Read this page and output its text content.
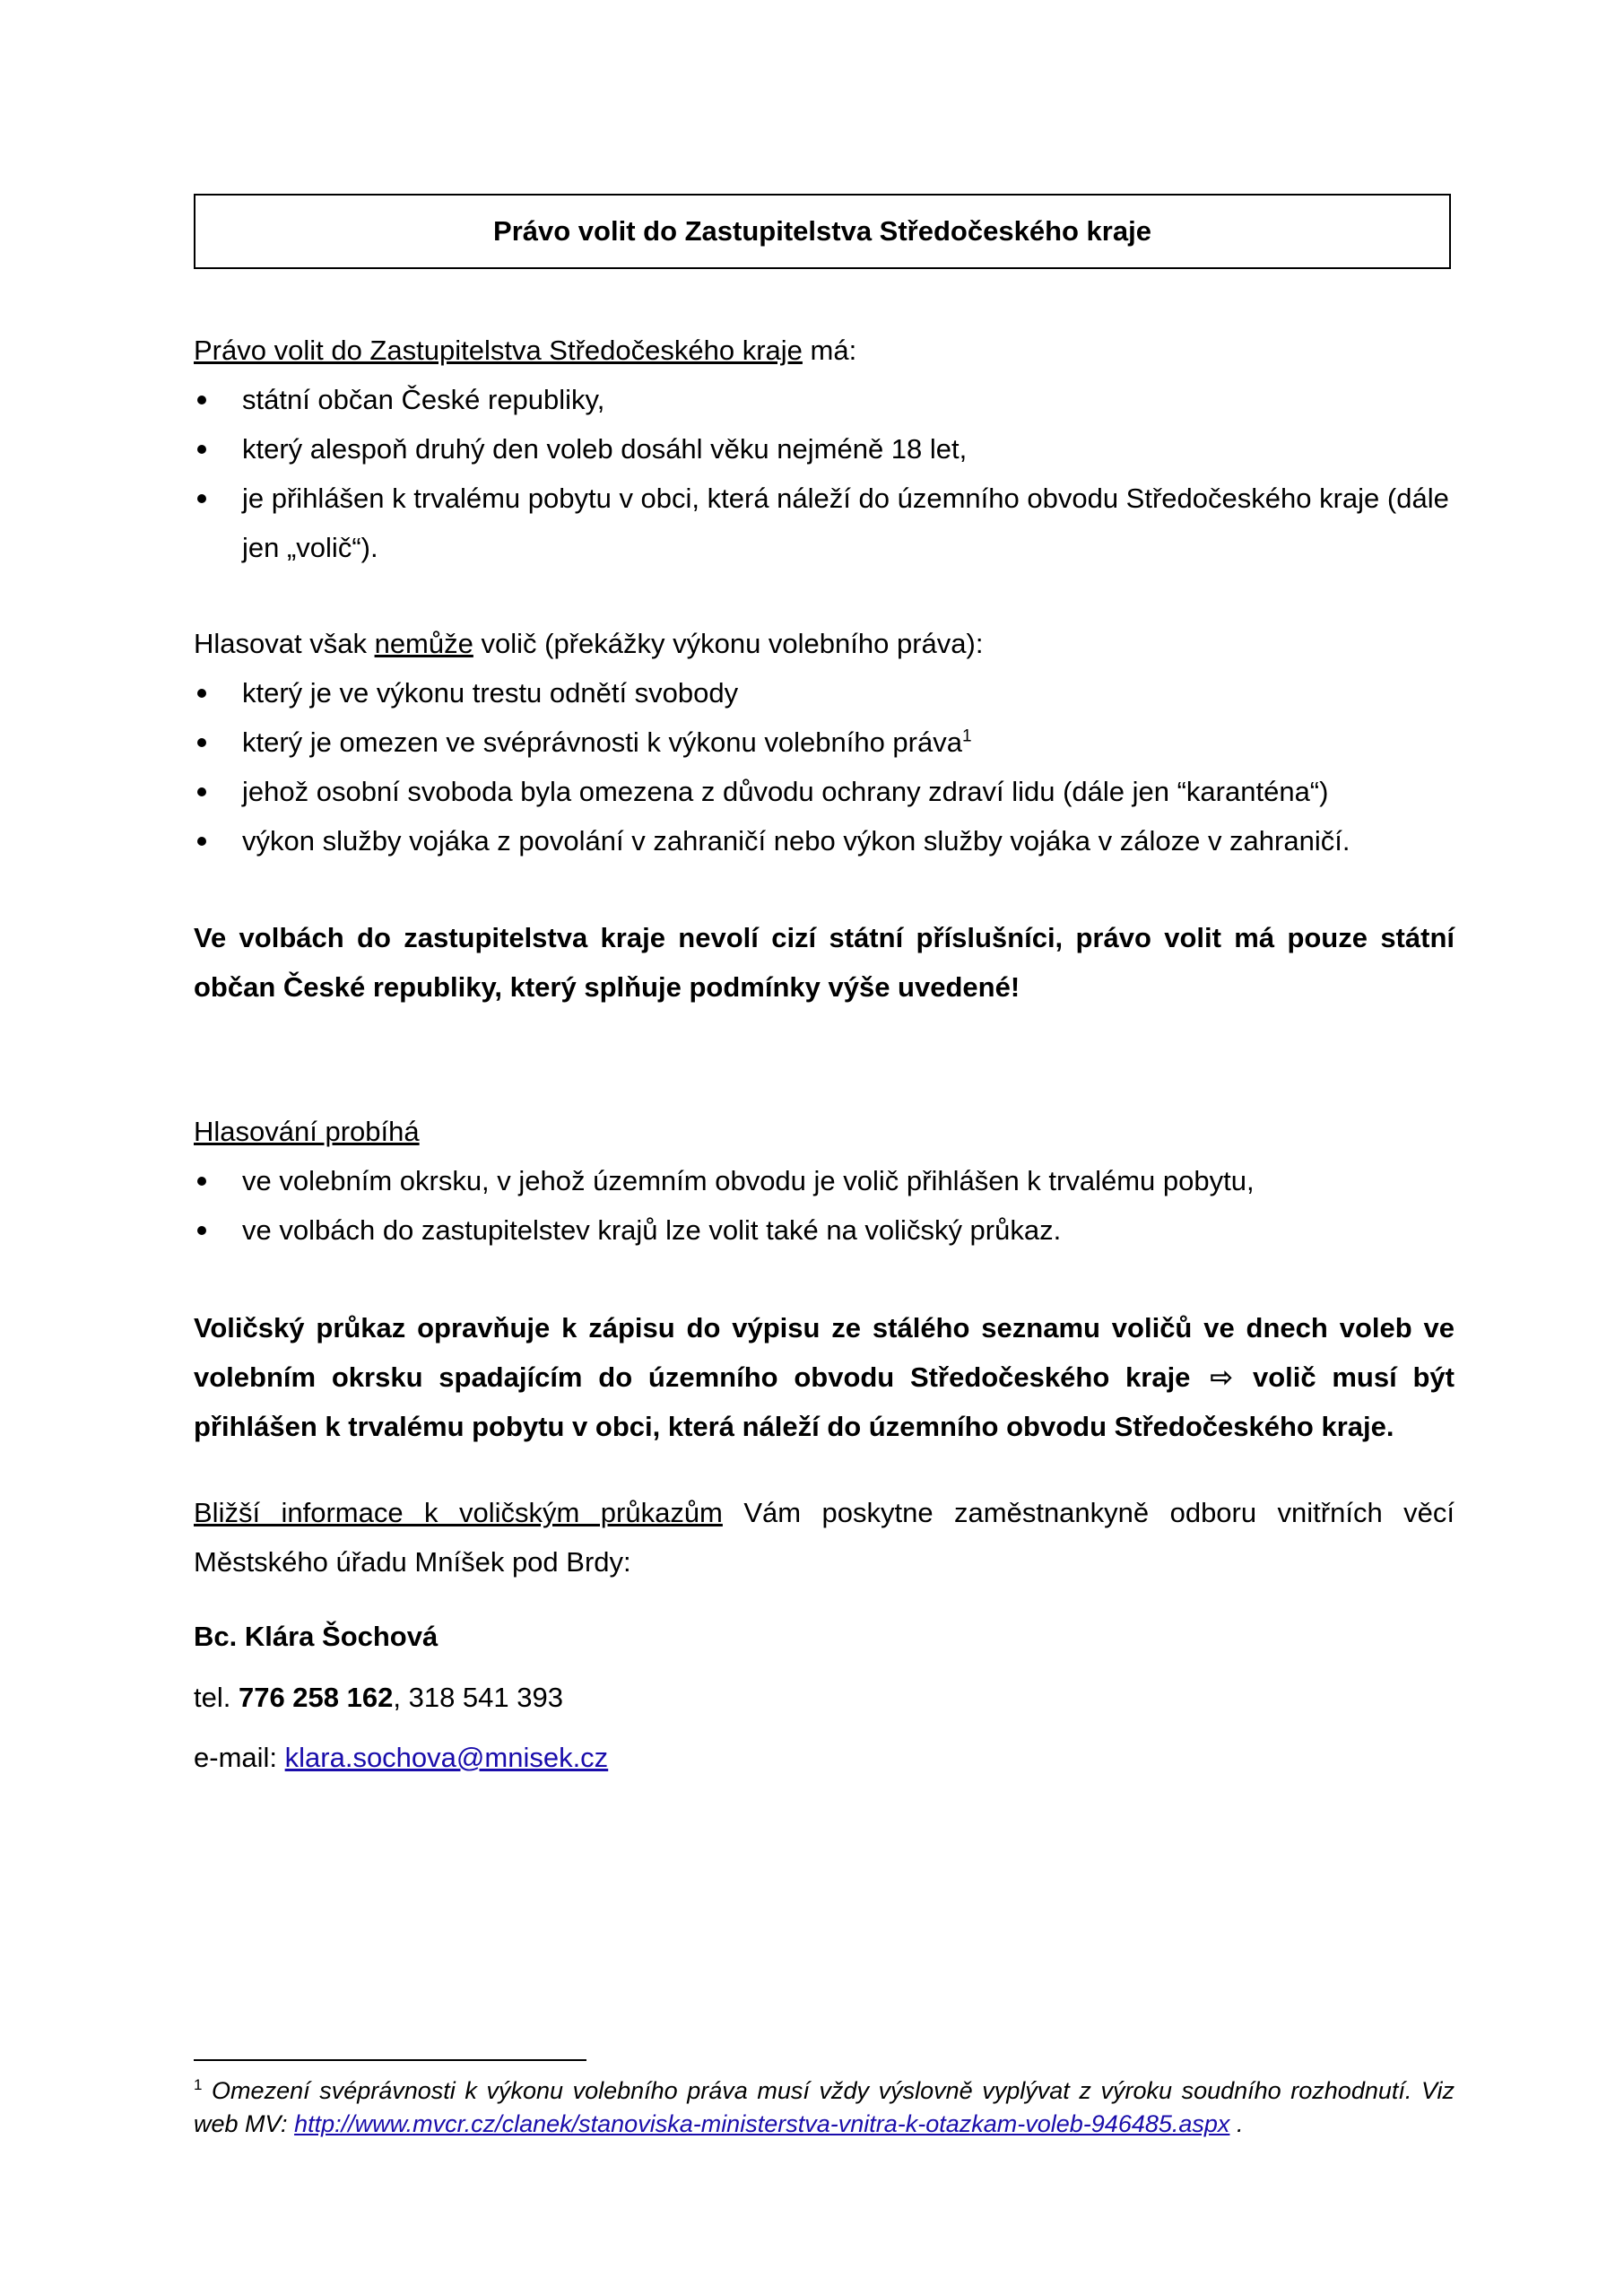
Právo volit do Zastupitelstva Středočeského kraje
Právo volit do Zastupitelstva Středočeského kraje má:
státní občan České republiky,
který alespoň druhý den voleb dosáhl věku nejméně 18 let,
je přihlášen k trvalému pobytu v obci, která náleží do územního obvodu Středočeského kraje (dále jen „volič“).
Hlasovat však nemůže volič (překážky výkonu volebního práva):
který je ve výkonu trestu odnětí svobody
který je omezen ve svéprávnosti k výkonu volebního práva$^1$
jehož osobní svoboda byla omezena z důvodu ochrany zdraví lidu (dále jen “karanténa“)
výkon služby vojáka z povolání v zahraničí nebo výkon služby vojáka v záloze v zahraničí.
Ve volbách do zastupitelstva kraje nevolí cizí státní příslušníci, právo volit má pouze státní občan České republiky, který splňuje podmínky výše uvedené!
Hlasování probíhá
ve volebním okrsku, v jehož územním obvodu je volič přihlášen k trvalému pobytu,
ve volbách do zastupitelstev krajů lze volit také na voličský průkaz.
Voličský průkaz opravňuje k zápisu do výpisu ze stálého seznamu voličů ve dnech voleb ve volebním okrsku spadajícím do územního obvodu Středočeského kraje ⇨ volič musí být přihlášen k trvalému pobytu v obci, která náleží do územního obvodu Středočeského kraje.
Bližší informace k voličským průkazům Vám poskytne zaměstnankyně odboru vnitřních věcí Městského úřadu Mníšek pod Brdy:
Bc. Klára Šochová
tel. 776 258 162, 318 541 393
e-mail: klara.sochova@mnisek.cz
$^1$ Omezení svéprávnosti k výkonu volebního práva musí vždy výslovně vyplývat z výroku soudního rozhodnutí. Viz web MV: http://www.mvcr.cz/clanek/stanoviska-ministerstva-vnitra-k-otazkam-voleb-946485.aspx .
